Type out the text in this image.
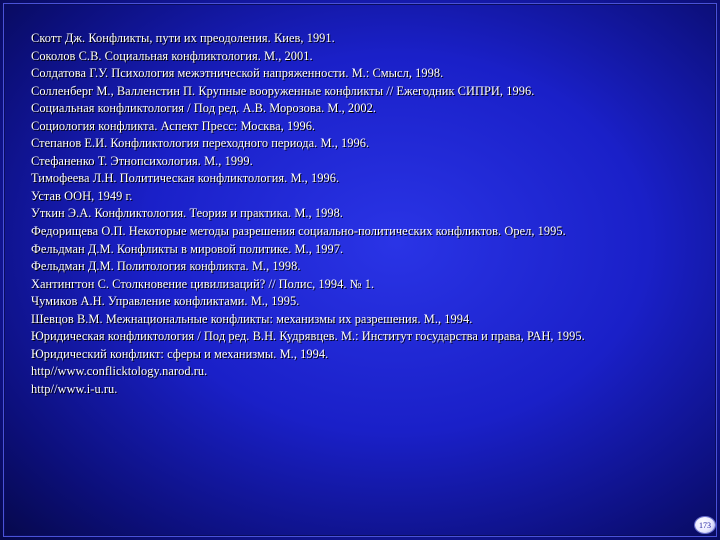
Скотт Дж. Конфликты, пути их преодоления. Киев, 1991.
Соколов С.В. Социальная конфликтология. М., 2001.
Солдатова Г.У. Психология межэтнической напряженности. М.: Смысл, 1998.
Солленберг М., Валленстин П. Крупные вооруженные конфликты // Ежегодник СИПРИ, 1996.
Социальная конфликтология / Под ред. А.В. Морозова. М., 2002.
Социология конфликта. Аспект Пресс: Москва, 1996.
Степанов Е.И. Конфликтология переходного периода. М., 1996.
Стефаненко Т. Этнопсихология. М., 1999.
Тимофеева Л.Н. Политическая конфликтология. М., 1996.
Устав ООН, 1949 г.
Уткин Э.А. Конфликтология. Теория и практика. М., 1998.
Федорищева О.П. Некоторые методы разрешения социально-политических конфликтов. Орел, 1995.
Фельдман Д.М. Конфликты в мировой политике. М., 1997.
Фельдман Д.М. Политология конфликта. М., 1998.
Хантингтон С. Столкновение цивилизаций? // Полис, 1994. № 1.
Чумиков А.Н. Управление конфликтами. М., 1995.
Шевцов В.М. Межнациональные конфликты: механизмы их разрешения. М., 1994.
Юридическая конфликтология / Под ред. В.Н. Кудрявцев. М.: Институт государства и права, РАН, 1995.
Юридический конфликт: сферы и механизмы. М., 1994.
http//www.conflicktology.narod.ru.
http//www.i-u.ru.
173
